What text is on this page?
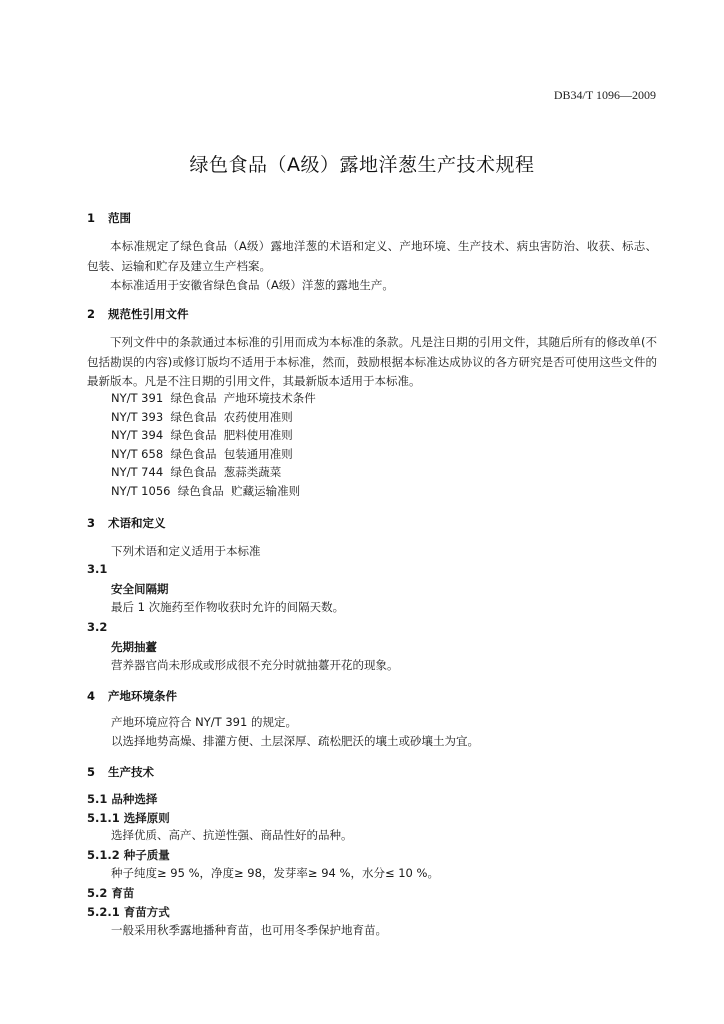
DB34/T 1096—2009
绿色食品（A级）露地洋葱生产技术规程
1 范围

本标准规定了绿色食品（A级）露地洋葱的术语和定义、产地环境、生产技术、病虫害防治、收获、标志、包装、运输和贮存及建立生产档案。

本标准适用于安徽省绿色食品（A级）洋葱的露地生产。

2 规范性引用文件

下列文件中的条款通过本标准的引用而成为本标准的条款。凡是注日期的引用文件，其随后所有的修改单(不包括勘误的内容)或修订版均不适用于本标准，然而，鼓励根据本标准达成协议的各方研究是否可使用这些文件的最新版本。凡是不注日期的引用文件，其最新版本适用于本标准。

NY/T 391  绿色食品  产地环境技术条件
NY/T 393  绿色食品  农药使用准则
NY/T 394  绿色食品  肥料使用准则
NY/T 658  绿色食品  包装通用准则
NY/T 744  绿色食品  葱蒜类蔬菜
NY/T 1056  绿色食品  贮藏运输准则
3 术语和定义
下列术语和定义适用于本标准
3.1
安全间隔期
最后 1 次施药至作物收获时允许的间隔天数。
3.2
先期抽薹
营养器官尚未形成或形成很不充分时就抽薹开花的现象。
4 产地环境条件
产地环境应符合 NY/T 391 的规定。
以选择地势高燥、排灌方便、土层深厚、疏松肥沃的壤土或砂壤土为宜。
5 生产技术
5.1 品种选择
5.1.1 选择原则
选择优质、高产、抗逆性强、商品性好的品种。
5.1.2 种子质量
种子纯度≥ 95 %，净度≥ 98，发芽率≥ 94 %，水分≤ 10 %。
5.2 育苗
5.2.1 育苗方式
一般采用秋季露地播种育苗，也可用冬季保护地育苗。
